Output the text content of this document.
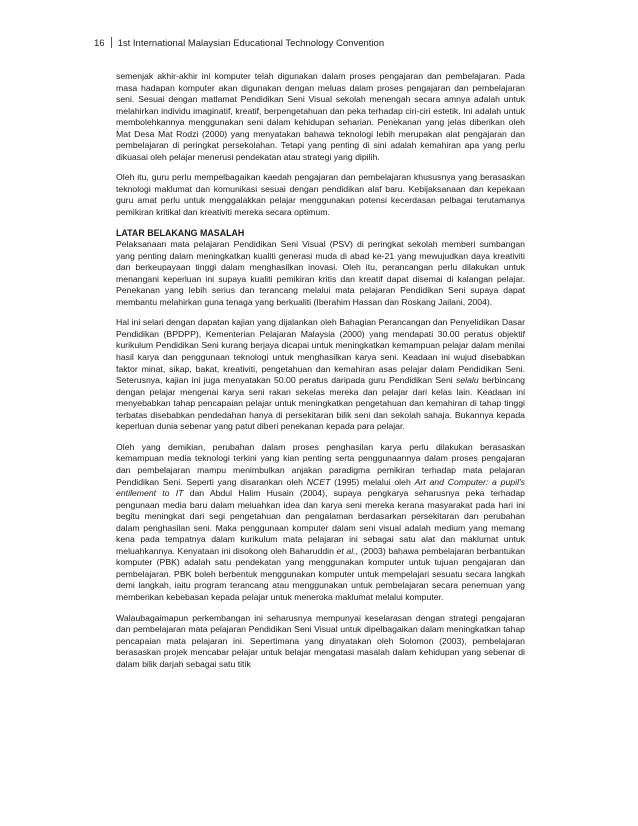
16 1st International Malaysian Educational Technology Convention

semenjak akhir-akhir ini komputer telah digunakan dalam proses pengajaran dan pembelajaran. Pada masa hadapan komputer akan digunakan dengan meluas dalam proses pengajaran dan pembelajaran seni. Sesuai dengan matlamat Pendidikan Seni Visual sekolah menengah secara amnya adalah untuk melahirkan individu imaginatif, kreatif, berpengetahuan dan peka terhadap ciri-ciri estetik. Ini adalah untuk membolehkannya menggunakan seni dalam kehidupan seharian. Penekanan yang jelas diberikan oleh Mat Desa Mat Rodzi (2000) yang menyatakan bahawa teknologi lebih merupakan alat pengajaran dan pembelajaran di peringkat persekolahan. Tetapi yang penting di sini adalah kemahiran apa yang perlu dikuasai oleh pelajar menerusi pendekatan atau strategi yang dipilih.

Oleh itu, guru perlu mempelbagaikan kaedah pengajaran dan pembelajaran khususnya yang berasaskan teknologi maklumat dan komunikasi sesuai dengan pendidikan alaf baru. Kebijaksanaan dan kepekaan guru amat perlu untuk menggalakkan pelajar menggunakan potensi kecerdasan pelbagai terutamanya pemikiran kritikal dan kreativiti mereka secara optimum.

LATAR BELAKANG MASALAH

Pelaksanaan mata pelajaran Pendidikan Seni Visual (PSV) di peringkat sekolah memberi sumbangan yang penting dalam meningkatkan kualiti generasi muda di abad ke-21 yang mewujudkan daya kreativiti dan berkeupayaan tinggi dalam menghasilkan inovasi. Oleh itu, perancangan perlu dilakukan untuk menangani keperluan ini supaya kualiti pemikiran kritis dan kreatif dapat disemai di kalangan pelajar. Penekanan yang lebih serius dan terancang melalui mata pelajaran Pendidikan Seni supaya dapat membantu melahirkan guna tenaga yang berkualiti (Iberahim Hassan dan Roskang Jailani, 2004).

Hal ini selari dengan dapatan kajian yang dijalankan oleh Bahagian Perancangan dan Penyelidikan Dasar Pendidikan (BPDPP), Kementerian Pelajaran Malaysia (2000) yang mendapati 30.00 peratus objektif kurikulum Pendidikan Seni kurang berjaya dicapai untuk meningkatkan kemampuan pelajar dalam menilai hasil karya dan penggunaan teknologi untuk menghasilkan karya seni. Keadaan ini wujud disebabkan faktor minat, sikap, bakat, kreativiti, pengetahuan dan kemahiran asas pelajar dalam Pendidikan Seni. Seterusnya, kajian ini juga menyatakan 50.00 peratus daripada guru Pendidikan Seni selalu berbincang dengan pelajar mengenai karya seni rakan sekelas mereka dan pelajar dari kelas lain. Keadaan ini menyebabkan tahap pencapaian pelajar untuk meningkatkan pengetahuan dan kemahiran di tahap tinggi terbatas disebabkan pendedahan hanya di persekitaran bilik seni dan sekolah sahaja. Bukannya kepada keperluan dunia sebenar yang patut diberi penekanan kepada para pelajar.

Oleh yang demikian, perubahan dalam proses penghasilan karya perlu dilakukan berasaskan kemampuan media teknologi terkini yang kian penting serta penggunaannya dalam proses pengajaran dan pembelajaran mampu menimbulkan anjakan paradigma pemikiran terhadap mata pelajaran Pendidikan Seni. Seperti yang disarankan oleh NCET (1995) melalui oleh Art and Computer: a pupil's entilement to IT dan Abdul Halim Husain (2004), supaya pengkarya seharusnya peka terhadap pengunaan media baru dalam meluahkan idea dan karya seni mereka kerana masyarakat pada hari ini begitu meningkat dari segi pengetahuan dan pengalaman berdasarkan persekitaran dan perubahan dalam penghasilan seni. Maka penggunaan komputer dalam seni visual adalah medium yang memang kena pada tempatnya dalam kurikulum mata pelajaran ini sebagai satu alat dan maklumat untuk meluahkannya. Kenyataan ini disokong oleh Baharuddin et al., (2003) bahawa pembelajaran berbantukan komputer (PBK) adalah satu pendekatan yang menggunakan komputer untuk tujuan pengajaran dan pembelajaran. PBK boleh berbentuk menggunakan komputer untuk mempelajari sesuatu secara langkah demi langkah, iaitu program terancang atau menggunakan untuk pembelajaran secara penemuan yang memberikan kebebasan kepada pelajar untuk meneroka maklumat melalui komputer.

Walaubagaimapun perkembangan ini seharusnya mempunyai keselarasan dengan strategi pengajaran dan pembelajaran mata pelajaran Pendidikan Seni Visual untuk dipelbagaikan dalam meningkatkan tahap pencapaian mata pelajaran ini. Sepertimana yang dinyatakan oleh Solomon (2003), pembelajaran berasaskan projek mencabar pelajar untuk belajar mengatasi masalah dalam kehidupan yang sebenar di dalam bilik darjah sebagai satu titik
